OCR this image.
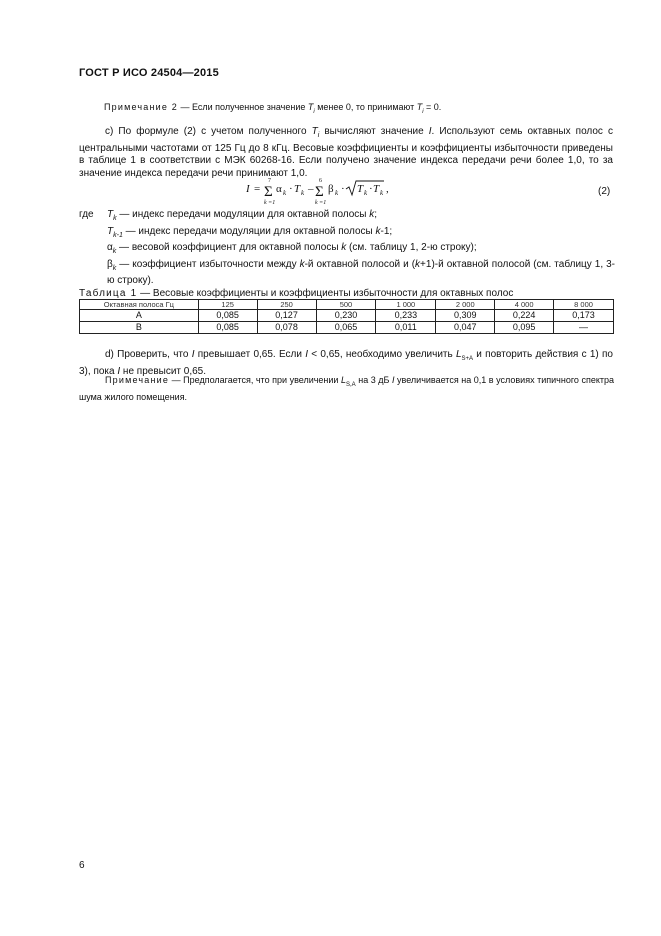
ГОСТ Р ИСО 24504—2015
Примечание 2 — Если полученное значение $T_i$ менее 0, то принимают $T_i = 0$.
c) По формуле (2) с учетом полученного $T_i$ вычисляют значение I. Используют семь октавных полос с центральными частотами от 125 Гц до 8 кГц. Весовые коэффициенты и коэффициенты избыточности приведены в таблице 1 в соответствии с МЭК 60268-16. Если получено значение индекса передачи речи более 1,0, то за значение индекса передачи речи принимают 1,0.
I =
7
Σ
k =1
α k · T k –
6
Σ
k =1
β k · T k · T k ,	(2)
где $T_k$ — индекс передачи модуляции для октавной полосы k;
$T_{k-1}$ — индекс передачи модуляции для октавной полосы k-1;
$\alpha_k$ — весовой коэффициент для октавной полосы k (см. таблицу 1, 2-ю строку);
$\beta_k$ — коэффициент избыточности между k-й октавной полосой и (k+1)-й октавной полосой (см. таблицу 1, 3-ю строку).
Таблица 1 — Весовые коэффициенты и коэффициенты избыточности для октавных полос
Октавная полоса Гц	125	250	500	1 000	2 000	4 000	8 000
A	0,085	0,127	0,230	0,233	0,309	0,224	0,173
B	0,085	0,078	0,065	0,011	0,047	0,095	—
d) Проверить, что I превышает 0,65. Если I < 0,65, необходимо увеличить $L_{S+A}$ и повторить действия с 1) по 3), пока I не превысит 0,65.
Примечание — Предполагается, что при увеличении $L_{S,A}$ на 3 дБ I увеличивается на 0,1 в условиях типичного спектра шума жилого помещения.
6
